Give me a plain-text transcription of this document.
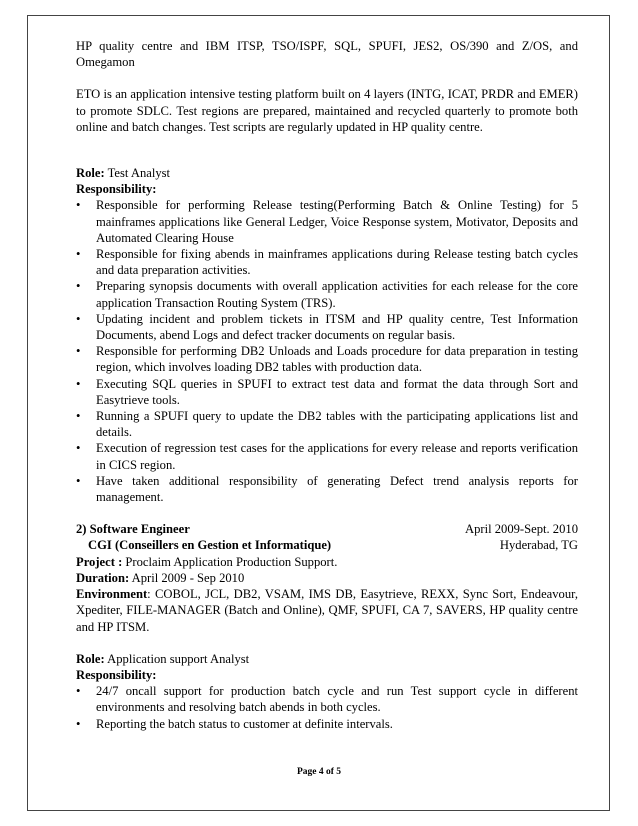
HP quality centre and IBM ITSP, TSO/ISPF, SQL, SPUFI, JES2, OS/390 and Z/OS, and Omegamon

ETO is an application intensive testing platform built on 4 layers (INTG, ICAT, PRDR and EMER) to promote SDLC. Test regions are prepared, maintained and recycled quarterly to promote both online and batch changes. Test scripts are regularly updated in HP quality centre.

Role: Test Analyst
Responsibility:
•	Responsible for performing Release testing(Performing Batch & Online Testing) for 5 mainframes applications like General Ledger, Voice Response system, Motivator, Deposits and Automated Clearing House
•	Responsible for fixing abends in mainframes applications during Release testing batch cycles and data preparation activities.
•	Preparing synopsis documents with overall application activities for each release for the core application Transaction Routing System (TRS).
•	Updating incident and problem tickets in ITSM and HP quality centre, Test Information Documents, abend Logs and defect tracker documents on regular basis.
•	Responsible for performing DB2 Unloads and Loads procedure for data preparation in testing region, which involves loading DB2 tables with production data.
•	Executing SQL queries in SPUFI to extract test data and format the data through Sort and Easytrieve tools.
•	Running a SPUFI query to update the DB2 tables with the participating applications list and details.
•	Execution of regression test cases for the applications for every release and reports verification in CICS region.
•	Have taken additional responsibility of generating Defect trend analysis reports for management.
2) Software Engineer	April 2009-Sept. 2010
CGI (Conseillers en Gestion et Informatique)	Hyderabad, TG
Project : Proclaim Application Production Support.
Duration: April 2009 - Sep 2010

Environment: COBOL, JCL, DB2, VSAM, IMS DB, Easytrieve, REXX, Sync Sort, Endeavour, Xpediter, FILE-MANAGER (Batch and Online), QMF, SPUFI, CA 7, SAVERS, HP quality centre and HP ITSM.

Role: Application support Analyst
Responsibility:
•	24/7 oncall support for production batch cycle and run Test support cycle in different environments and resolving batch abends in both cycles.
•	Reporting the batch status to customer at definite intervals.
Page 4 of 5
